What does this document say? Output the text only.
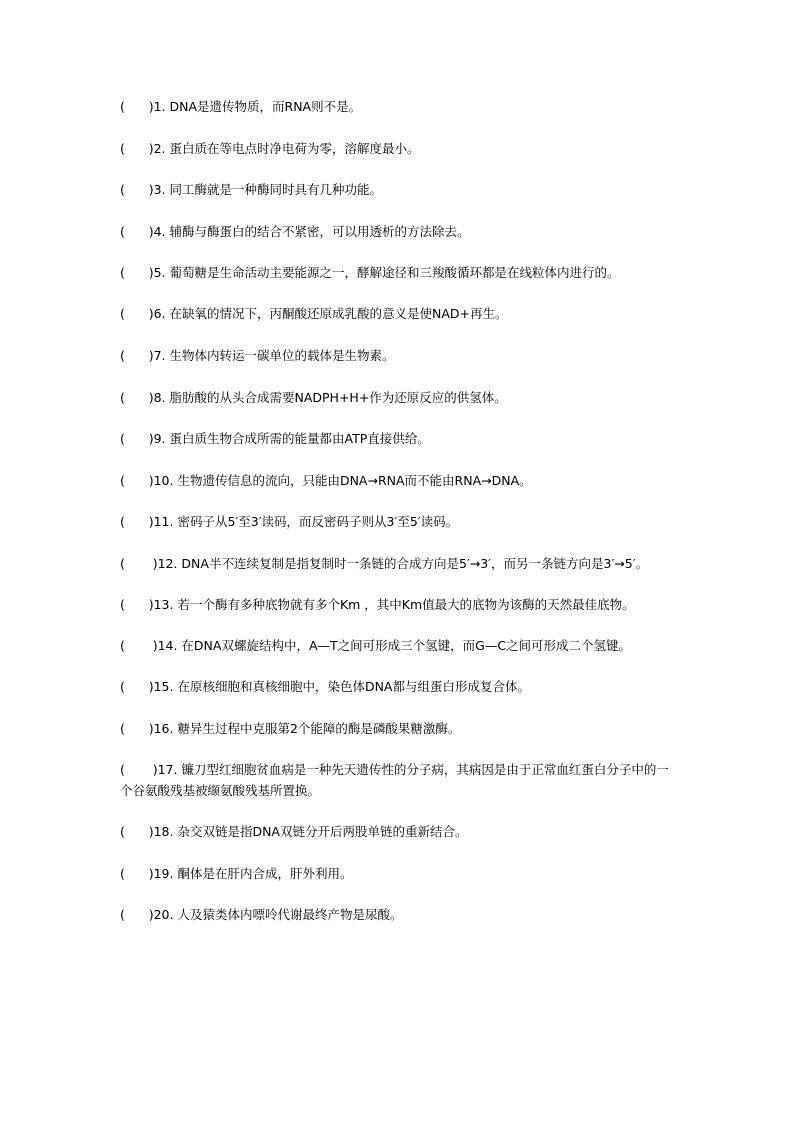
(      )1. DNA是遗传物质，而RNA则不是。

(      )2. 蛋白质在等电点时净电荷为零，溶解度最小。

(      )3. 同工酶就是一种酶同时具有几种功能。

(      )4. 辅酶与酶蛋白的结合不紧密，可以用透析的方法除去。

(      )5. 葡萄糖是生命活动主要能源之一，酵解途径和三羧酸循环都是在线粒体内进行的。

(      )6. 在缺氧的情况下，丙酮酸还原成乳酸的意义是使NAD+再生。

(      )7. 生物体内转运一碳单位的载体是生物素。

(      )8. 脂肪酸的从头合成需要NADPH+H+作为还原反应的供氢体。

(      )9. 蛋白质生物合成所需的能量都由ATP直接供给。

(      )10. 生物遗传信息的流向，只能由DNA→RNA而不能由RNA→DNA。

(      )11. 密码子从5′至3′读码，而反密码子则从3′至5′读码。

(       )12. DNA半不连续复制是指复制时一条链的合成方向是5′→3′，而另一条链方向是3′→5′。

(      )13. 若一个酶有多种底物就有多个Km ，其中Km值最大的底物为该酶的天然最佳底物。

(       )14. 在DNA双螺旋结构中，A—T之间可形成三个氢键，而G—C之间可形成二个氢键。

(      )15. 在原核细胞和真核细胞中，染色体DNA都与组蛋白形成复合体。

(      )16. 糖异生过程中克服第2个能障的酶是磷酸果糖激酶。

(       )17. 镰刀型红细胞贫血病是一种先天遗传性的分子病，其病因是由于正常血红蛋白分子中的一个谷氨酸残基被缬氨酸残基所置换。

(      )18. 杂交双链是指DNA双链分开后两股单链的重新结合。

(      )19. 酮体是在肝内合成，肝外利用。

(      )20. 人及猿类体内嘌呤代谢最终产物是尿酸。
